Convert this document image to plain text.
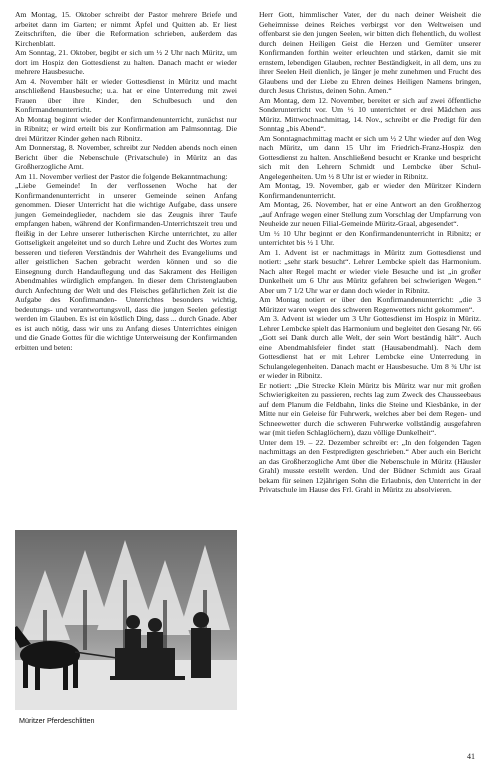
Am Montag, 15. Oktober schreibt der Pastor mehrere Briefe und arbeitet dann im Garten; er nimmt Äpfel und Quitten ab. Er liest Zeitschriften, die über die Reformation schrieben, außerdem das Kirchenblatt.

Am Sonntag, 21. Oktober, begibt er sich um ½ 2 Uhr nach Müritz, um dort im Hospiz den Gottesdienst zu halten. Danach macht er wieder mehrere Hausbesuche.

Am 4. November hält er wieder Gottesdienst in Müritz und macht anschließend Hausbesuche; u.a. hat er eine Unterredung mit zwei Frauen über ihre Kinder, den Schulbesuch und den Konfirmandenunterricht.

Ab Montag beginnt wieder der Konfirmandenunterricht, zunächst nur in Ribnitz; er wird erteilt bis zur Konfirmation am Palmsonntag. Die drei Müritzer Kinder gehen nach Ribnitz.

Am Donnerstag, 8. November, schreibt zur Nedden abends noch einen Bericht über die Nebenschule (Privatschule) in Müritz an das Großherzogliche Amt.

Am 11. November verliest der Pastor die folgende Bekanntmachung:

„Liebe Gemeinde! In der verflossenen Woche hat der Konfirmandenunterricht in unserer Gemeinde seinen Anfang genommen. Dieser Unterricht hat die wichtige Aufgabe, dass unsere jungen Gemeindeglieder, nachdem sie das Zeugnis ihrer Taufe empfangen haben, während der Konfirmanden-Unterrichtszeit treu und fleißig in der Lehre unserer lutherischen Kirche unterrichtet, zu aller Gottseligkeit angeleitet und so durch Lehre und Zucht des Wortes zum besseren und tieferen Verständnis der Wahrheit des Evangeliums und aller geistlichen Sachen gebracht werden können und so die Einsegnung durch Handauflegung und das Sakrament des Heiligen Abendmahles würdiglich empfangen. In dieser dem Christenglauben durch Anfechtung der Welt und des Fleisches gefährlichen Zeit ist die Aufgabe des Konfirmanden- Unterrichtes besonders wichtig, bedeutungs- und verantwortungsvoll, dass die jungen Seelen gefestigt werden im Glauben. Es ist ein köstlich Ding, dass ... durch Gnade. Aber es ist auch nötig, dass wir uns zu Anfang dieses Unterrichtes einigen und die Gnade Gottes für die wichtige Unterweisung der Konfirmanden erbitten und beten:

Müritzer Pferdeschlitten

Herr Gott, himmlischer Vater, der du nach deiner Weisheit die Geheimnisse deines Reiches verbirgst vor den Weltweisen und offenbarst sie den jungen Seelen, wir bitten dich flehentlich, du wollest durch deinen Heiligen Geist die Herzen und Gemüter unserer Konfirmanden forthin weiter erleuchten und stärken, damit sie mit ernstem, lebendigen Glauben, rechter Beständigkeit, in all dem, uns zu ihrer Seelen Heil dienlich, je länger je mehr zunehmen und Frucht des Glaubens und der Liebe zu Ehren deines Heiligen Namens bringen, durch Jesus Christus, deinen Sohn. Amen.“

Am Montag, dem 12. November, bereitet er sich auf zwei öffentliche Sonderunterricht vor. Um ½ 10 unterrichtet er drei Mädchen aus Müritz. Mittwochnachmittag, 14. Nov., schreibt er die Predigt für den Sonntag „bis Abend“.

Am Sonntagnachmittag macht er sich um ½ 2 Uhr wieder auf den Weg nach Müritz, um dann 15 Uhr im Friedrich-Franz-Hospiz den Gottesdienst zu halten. Anschließend besucht er Kranke und bespricht sich mit den Lehrern Schmidt und Lembcke über Schul-Angelegenheiten. Um ½ 8 Uhr ist er wieder in Ribnitz.

Am Montag, 19. November, gab er wieder den Müritzer Kindern Konfirmandenunterricht.

Am Montag, 26. November, hat er eine Antwort an den Großherzog „auf Anfrage wegen einer Stellung zum Vorschlag der Umpfarrung von Neuheide zur neuen Filial-Gemeinde Müritz-Graal, abgesendet“.

Um ½ 10 Uhr beginnt er den Konfirmandenunterricht in Ribnitz; er unterrichtet bis ½ 1 Uhr.

Am 1. Advent ist er nachmittags in Müritz zum Gottesdienst und notiert: „sehr stark besucht“. Lehrer Lembcke spielt das Harmonium. Nach alter Regel macht er wieder viele Besuche und ist „in großer Dunkelheit um 6 Uhr aus Müritz gefahren bei schwierigen Wegen.“ Aber um 7 1/2 Uhr war er dann doch wieder in Ribnitz.

Am Montag notiert er über den Konfirmandenunterricht: „die 3 Müritzer waren wegen des schweren Regenwetters nicht gekommen“.

Am 3. Advent ist wieder um 3 Uhr Gottesdienst im Hospiz in Müritz. Lehrer Lembcke spielt das Harmonium und begleitet den Gesang Nr. 66 „Gott sei Dank durch alle Welt, der sein Wort beständig hält“. Auch eine Abendmahlsfeier findet statt (Hausabendmahl). Nach dem Gottesdienst hat er mit Lehrer Lembcke eine Unterredung in Schulangelegenheiten. Danach macht er Hausbesuche. Um 8 ¾ Uhr ist er wieder in Ribnitz.

Er notiert: „Die Strecke Klein Müritz bis Müritz war nur mit großen Schwierigkeiten zu passieren, rechts lag zum Zweck des Chausseebaus auf dem Planum die Feldbahn, links die Steine und Kiesbänke, in der Mitte nur ein Geleise für Fuhrwerk, welches aber bei dem Regen- und Schneewetter durch die schweren Fuhrwerke vollständig ausgefahren war (mit tiefen Schlaglöchern), dazu völlige Dunkelheit“.

Unter dem 19. – 22. Dezember schreibt er: „In den folgenden Tagen nachmittags an den Festpredigten geschrieben.“ Aber auch ein Bericht an das Großherzogliche Amt über die Nebenschule in Müritz (Häusler Grahl) musste erstellt werden. Und der Büdner Schmidt aus Graal bekam für seinen 12jährigen Sohn die Erlaubnis, den Unterricht in der Privatschule im Hause des Frl. Grahl in Müritz zu absolvieren.

41
